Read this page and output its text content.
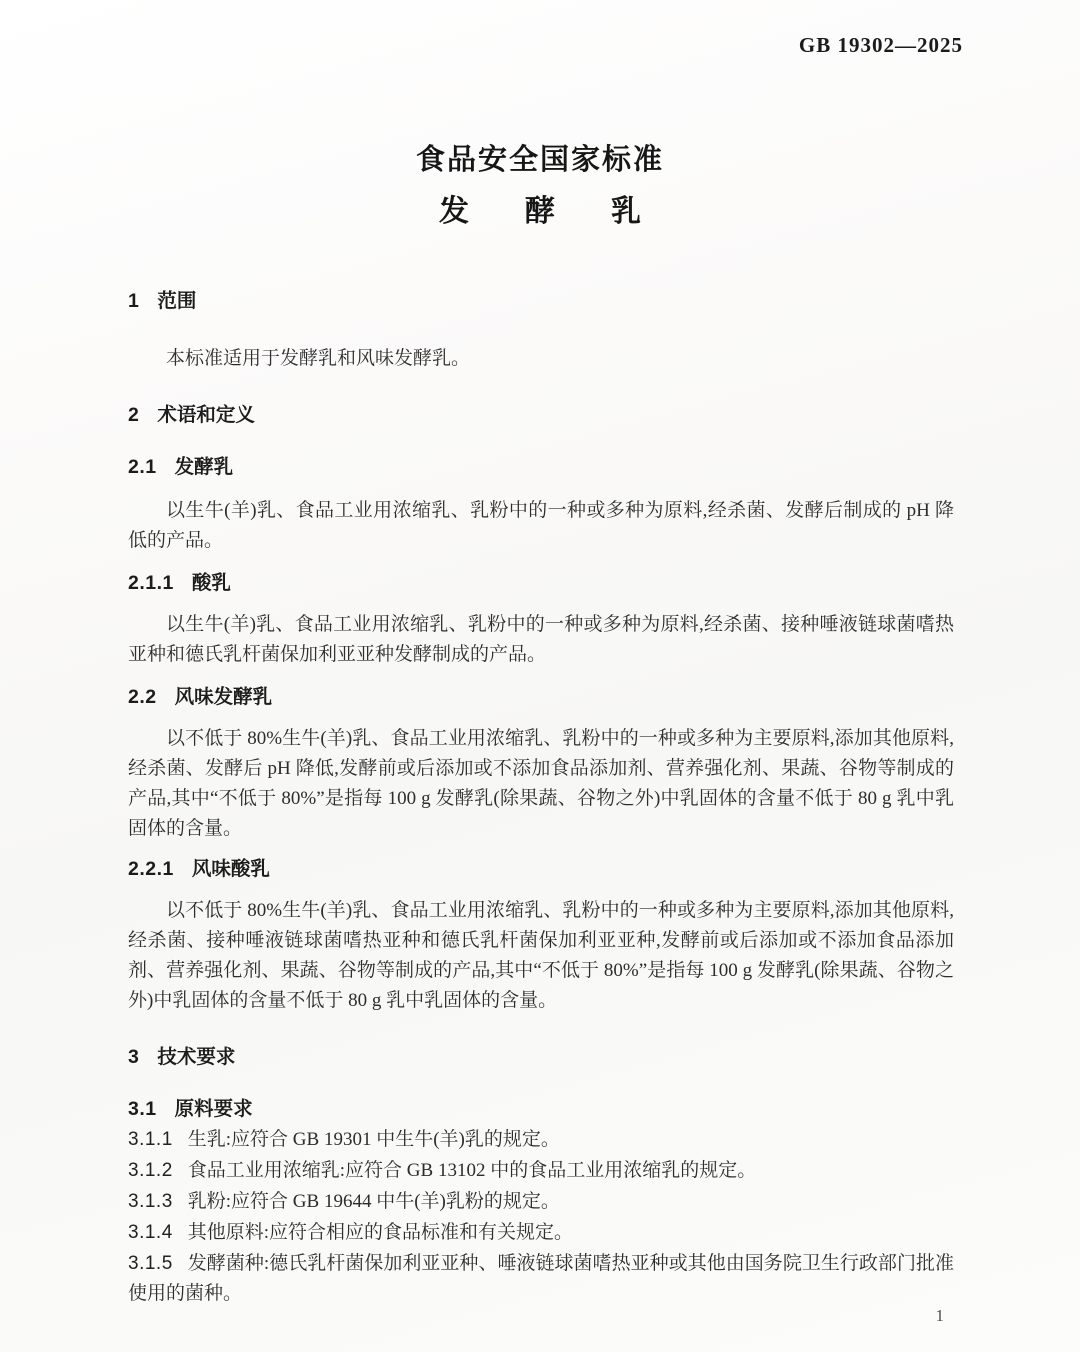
GB 19302—2025
食品安全国家标准
发酵乳
1 范围

本标准适用于发酵乳和风味发酵乳。

2 术语和定义
2.1 发酵乳

以生牛(羊)乳、食品工业用浓缩乳、乳粉中的一种或多种为原料,经杀菌、发酵后制成的 pH 降低的产品。

2.1.1 酸乳

以生牛(羊)乳、食品工业用浓缩乳、乳粉中的一种或多种为原料,经杀菌、接种唾液链球菌嗜热亚种和德氏乳杆菌保加利亚亚种发酵制成的产品。

2.2 风味发酵乳

以不低于 80%生牛(羊)乳、食品工业用浓缩乳、乳粉中的一种或多种为主要原料,添加其他原料,经杀菌、发酵后 pH 降低,发酵前或后添加或不添加食品添加剂、营养强化剂、果蔬、谷物等制成的产品,其中“不低于 80%”是指每 100 g 发酵乳(除果蔬、谷物之外)中乳固体的含量不低于 80 g 乳中乳固体的含量。

2.2.1 风味酸乳

以不低于 80%生牛(羊)乳、食品工业用浓缩乳、乳粉中的一种或多种为主要原料,添加其他原料,经杀菌、接种唾液链球菌嗜热亚种和德氏乳杆菌保加利亚亚种,发酵前或后添加或不添加食品添加剂、营养强化剂、果蔬、谷物等制成的产品,其中“不低于 80%”是指每 100 g 发酵乳(除果蔬、谷物之外)中乳固体的含量不低于 80 g 乳中乳固体的含量。

3 技术要求
3.1 原料要求

3.1.1 生乳:应符合 GB 19301 中生牛(羊)乳的规定。

3.1.2 食品工业用浓缩乳:应符合 GB 13102 中的食品工业用浓缩乳的规定。

3.1.3 乳粉:应符合 GB 19644 中牛(羊)乳粉的规定。

3.1.4 其他原料:应符合相应的食品标准和有关规定。

3.1.5 发酵菌种:德氏乳杆菌保加利亚亚种、唾液链球菌嗜热亚种或其他由国务院卫生行政部门批准使用的菌种。

1
